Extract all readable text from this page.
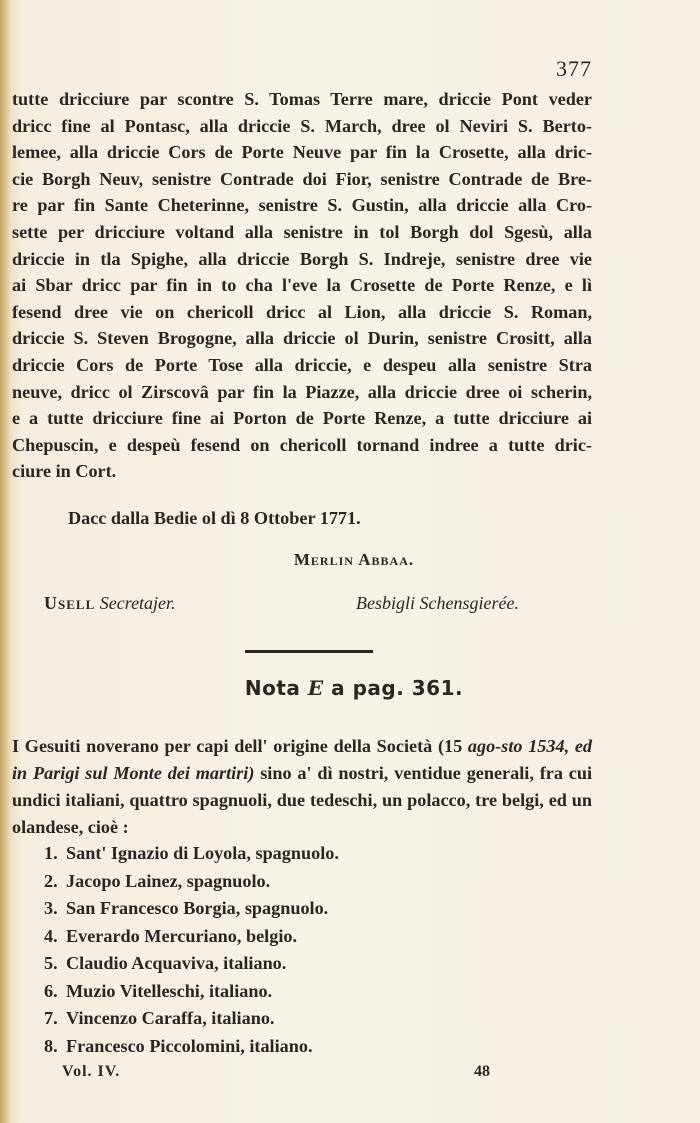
377

tutte dricciure par scontre S. Tomas Terre mare, driccie Pont veder

dricc fine al Pontasc, alla driccie S. March, dree ol Neviri S. Berto-

lemee, alla driccie Cors de Porte Neuve par fin la Crosette, alla dric-

cie Borgh Neuv, senistre Contrade doi Fior, senistre Contrade de Bre-

re par fin Sante Cheterinne, senistre S. Gustin, alla driccie alla Cro-

sette per dricciure voltand alla senistre in tol Borgh dol Sgesù, alla

driccie in tla Spighe, alla driccie Borgh S. Indreje, senistre dree vie

ai Sbar dricc par fin in to cha l'eve la Crosette de Porte Renze, e lì

fesend dree vie on chericoll dricc al Lion, alla driccie S. Roman,

driccie S. Steven Brogogne, alla driccie ol Durin, senistre Crositt, alla

driccie Cors de Porte Tose alla driccie, e despeu alla senistre Stra

neuve, dricc ol Zirscovâ par fin la Piazze, alla driccie dree oi scherin,

e a tutte dricciure fine ai Porton de Porte Renze, a tutte dricciure ai

Chepuscin, e despeù fesend on chericoll tornand indree a tutte dric-

ciure in Cort.

Dacc dalla Bedie ol dì 8 Ottober 1771.
Merlin Abbaa.
Usell Secretajer.	Besbigli Schensgierée.
Nota E a pag. 361.
I Gesuiti noverano per capi dell' origine della Società (15 ago-sto 1534, ed in Parigi sul Monte dei martiri) sino a' dì nostri, ventidue generali, fra cui undici italiani, quattro spagnuoli, due tedeschi, un polacco, tre belgi, ed un olandese, cioè :
1. Sant' Ignazio di Loyola, spagnuolo.
2. Jacopo Lainez, spagnuolo.
3. San Francesco Borgia, spagnuolo.
4. Everardo Mercuriano, belgio.
5. Claudio Acquaviva, italiano.
6. Muzio Vitelleschi, italiano.
7. Vincenzo Caraffa, italiano.
8. Francesco Piccolomini, italiano.
Vol. IV.	48
